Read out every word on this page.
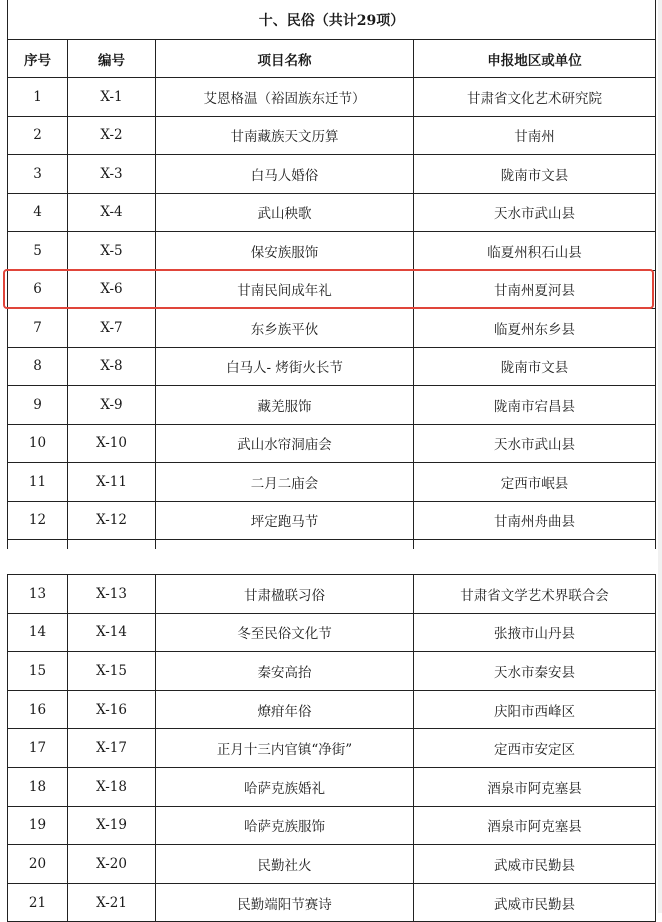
十、民俗（共计29项）			
序号	编号	项目名称	申报地区或单位
1	X-1	艾恩格温（裕固族东迁节）	甘肃省文化艺术研究院
2	X-2	甘南藏族天文历算	甘南州
3	X-3	白马人婚俗	陇南市文县
4	X-4	武山秧歌	天水市武山县
5	X-5	保安族服饰	临夏州积石山县
6	X-6	甘南民间成年礼	甘南州夏河县
7	X-7	东乡族平伙	临夏州东乡县
8	X-8	白马人- 烤街火长节	陇南市文县
9	X-9	藏羌服饰	陇南市宕昌县
10	X-10	武山水帘洞庙会	天水市武山县
11	X-11	二月二庙会	定西市岷县
12	X-12	坪定跑马节	甘南州舟曲县

13	X-13	甘肃楹联习俗	甘肃省文学艺术界联合会
14	X-14	冬至民俗文化节	张掖市山丹县
15	X-15	秦安高抬	天水市秦安县
16	X-16	燎疳年俗	庆阳市西峰区
17	X-17	正月十三内官镇“净街”	定西市安定区
18	X-18	哈萨克族婚礼	酒泉市阿克塞县
19	X-19	哈萨克族服饰	酒泉市阿克塞县
20	X-20	民勤社火	武威市民勤县
21	X-21	民勤端阳节赛诗	武威市民勤县
